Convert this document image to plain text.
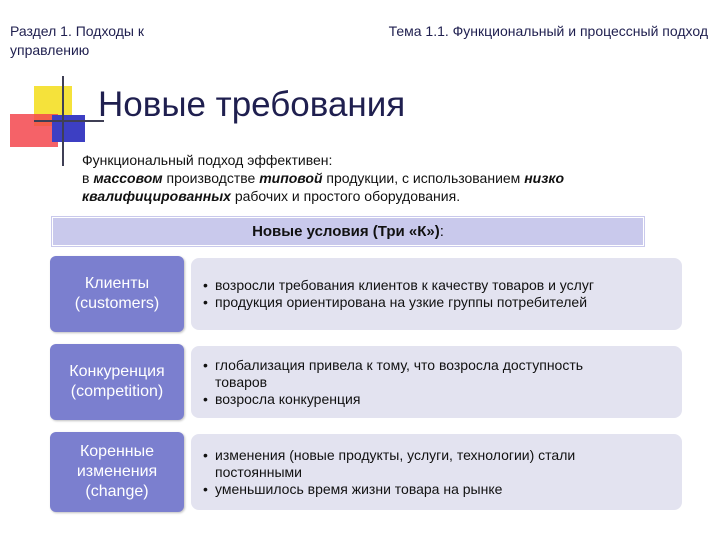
Раздел 1. Подходы к управлению
Тема 1.1. Функциональный и процессный подход
Новые требования
Функциональный подход эффективен:
в массовом производстве типовой продукции, с использованием низко квалифицированных рабочих и простого оборудования.
Новые условия (Три «К»):
Клиенты
(customers)
• возросли требования клиентов к качеству товаров и услуг
• продукция ориентирована на узкие группы потребителей
Конкуренция
(competition)
• глобализация привела к тому, что возросла доступность
товаров
• возросла конкуренция
Коренные
изменения
(change)
• изменения (новые продукты, услуги, технологии) стали
постоянными
• уменьшилось время жизни товара на рынке
